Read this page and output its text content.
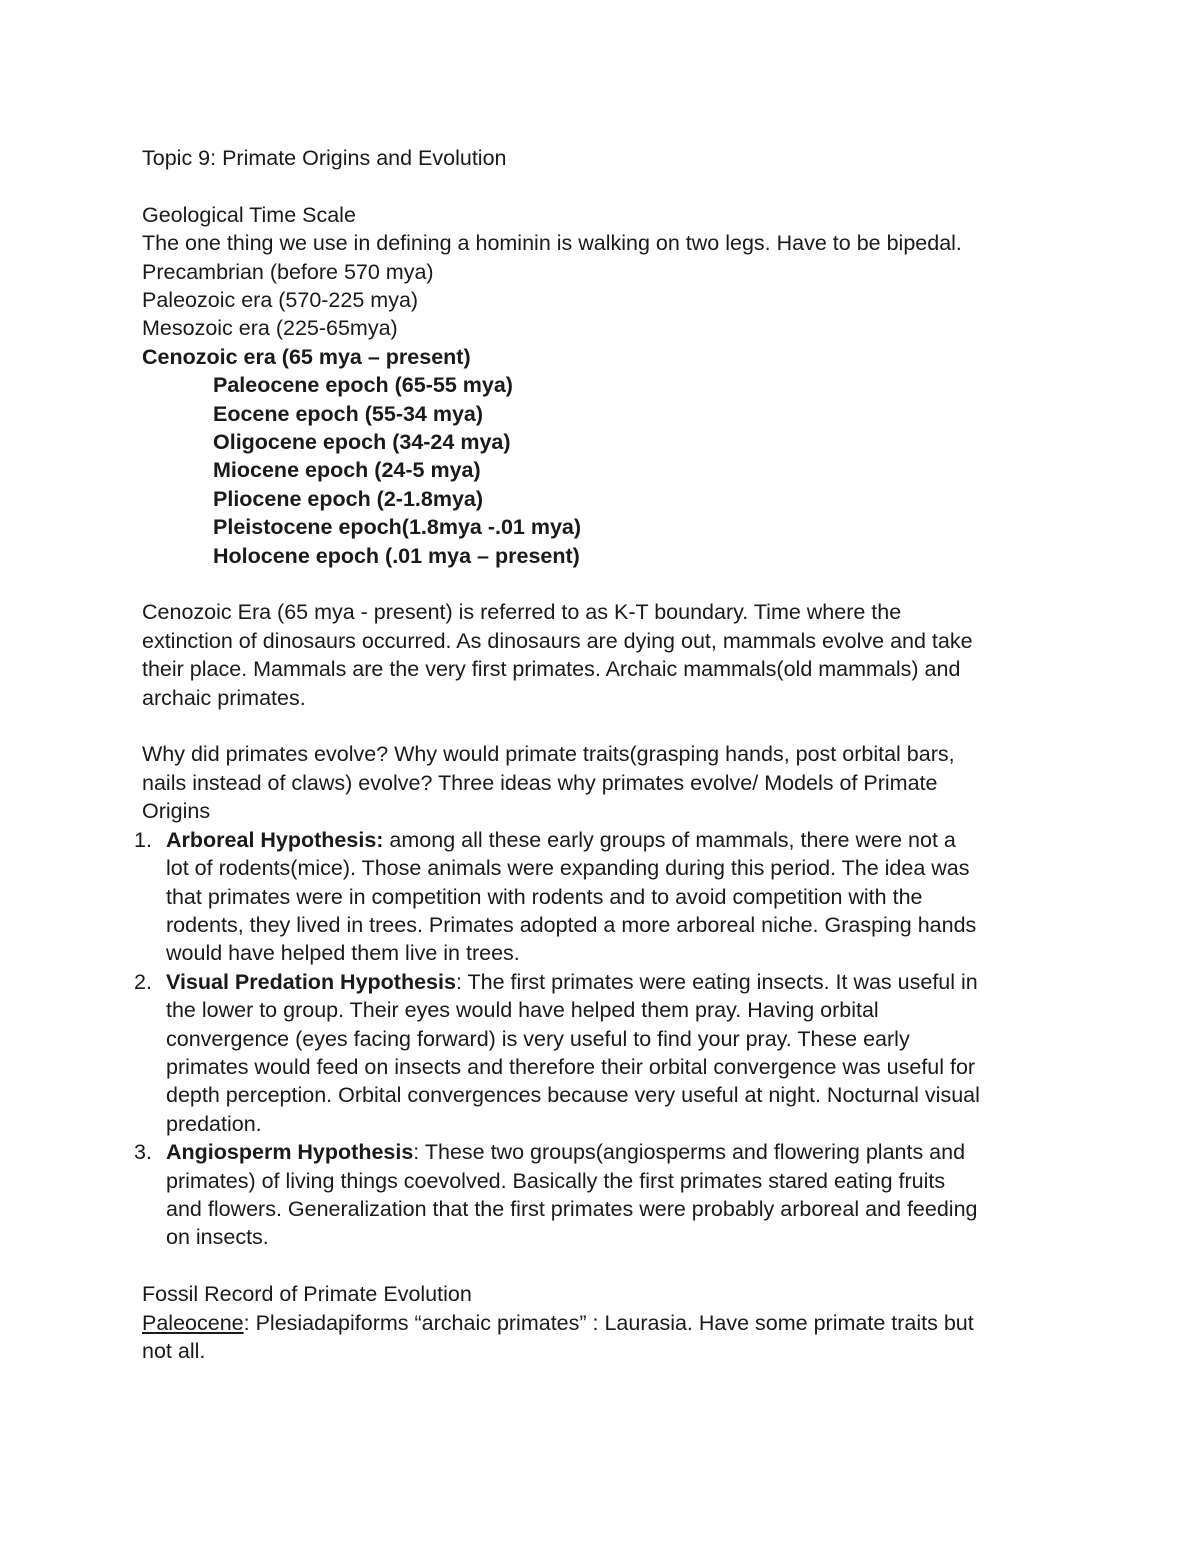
Topic 9: Primate Origins and Evolution
Geological Time Scale
The one thing we use in defining a hominin is walking on two legs. Have to be bipedal.
Precambrian (before 570 mya)
Paleozoic era (570-225 mya)
Mesozoic era (225-65mya)
Cenozoic era (65 mya – present)
Paleocene epoch (65-55 mya)
Eocene epoch (55-34 mya)
Oligocene epoch (34-24 mya)
Miocene epoch (24-5 mya)
Pliocene epoch (2-1.8mya)
Pleistocene epoch(1.8mya -.01 mya)
Holocene epoch (.01 mya – present)
Cenozoic Era (65 mya - present) is referred to as K-T boundary. Time where the
extinction of dinosaurs occurred. As dinosaurs are dying out, mammals evolve and take
their place. Mammals are the very first primates. Archaic mammals(old mammals) and
archaic primates.
Why did primates evolve? Why would primate traits(grasping hands, post orbital bars,
nails instead of claws) evolve? Three ideas why primates evolve/ Models of Primate
Origins
1. Arboreal Hypothesis: among all these early groups of mammals, there were not a
lot of rodents(mice). Those animals were expanding during this period. The idea was
that primates were in competition with rodents and to avoid competition with the
rodents, they lived in trees. Primates adopted a more arboreal niche. Grasping hands
would have helped them live in trees.
2. Visual Predation Hypothesis: The first primates were eating insects. It was useful in
the lower to group. Their eyes would have helped them pray. Having orbital
convergence (eyes facing forward) is very useful to find your pray. These early
primates would feed on insects and therefore their orbital convergence was useful for
depth perception. Orbital convergences because very useful at night. Nocturnal visual
predation.
3. Angiosperm Hypothesis: These two groups(angiosperms and flowering plants and
primates) of living things coevolved. Basically the first primates stared eating fruits
and flowers. Generalization that the first primates were probably arboreal and feeding
on insects.
Fossil Record of Primate Evolution
Paleocene: Plesiadapiforms “archaic primates” : Laurasia. Have some primate traits but
not all.
